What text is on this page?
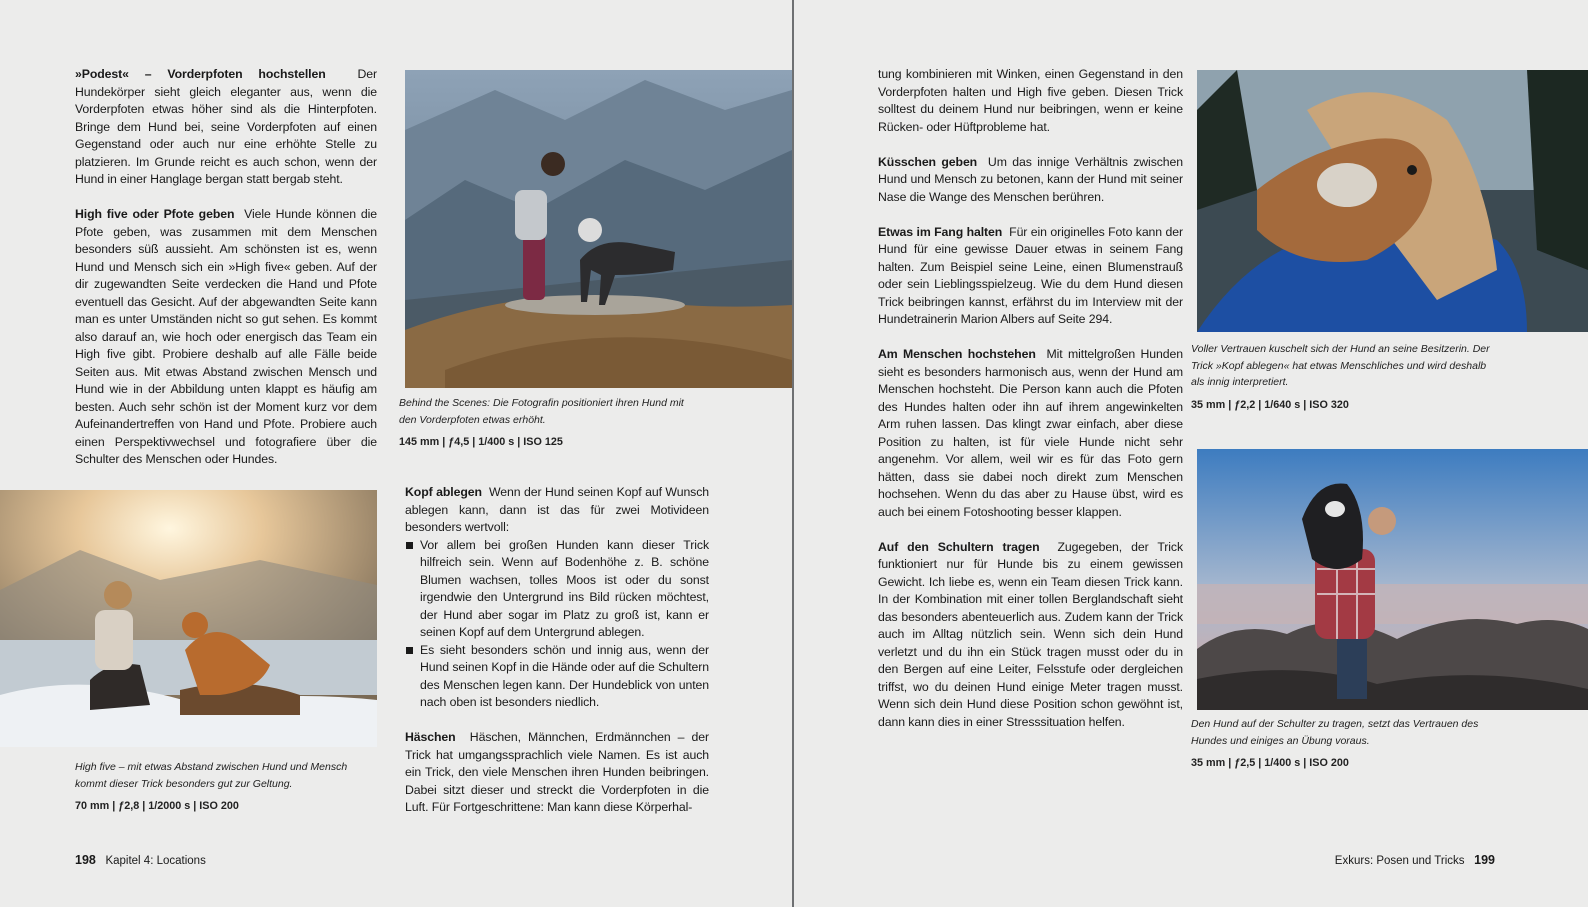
»Podest« – Vorderpfoten hochstellen	Der Hundekörper sieht gleich eleganter aus, wenn die Vorderpfoten etwas höher sind als die Hinterpfoten. Bringe dem Hund bei, seine Vorderpfoten auf einen Gegenstand oder auch nur eine erhöhte Stelle zu platzieren. Im Grunde reicht es auch schon, wenn der Hund in einer Hanglage bergan statt bergab steht.

High five oder Pfote geben Viele Hunde können die Pfote geben, was zusammen mit dem Menschen besonders süß aussieht. Am schönsten ist es, wenn Hund und Mensch sich ein »High five« geben. Auf der dir zugewandten Seite verdecken die Hand und Pfote eventuell das Gesicht. Auf der abgewandten Seite kann man es unter Umständen nicht so gut sehen. Es kommt also darauf an, wie hoch oder energisch das Team ein High five gibt. Probiere deshalb auf alle Fälle beide Seiten aus. Mit etwas Abstand zwischen Mensch und Hund wie in der Abbildung unten klappt es häufig am besten. Auch sehr schön ist der Moment kurz vor dem Aufeinandertreffen von Hand und Pfote. Probiere auch einen Perspektivwechsel und fotografiere über die Schulter des Menschen oder Hundes.

Behind the Scenes: Die Fotografin positioniert ihren Hund mit den Vorderpfoten etwas erhöht.
145 mm | ƒ4,5 | 1/400 s | ISO 125
High five – mit etwas Abstand zwischen Hund und Mensch kommt dieser Trick besonders gut zur Geltung.
70 mm | ƒ2,8 | 1/2000 s | ISO 200

Kopf ablegen Wenn der Hund seinen Kopf auf Wunsch ablegen kann, dann ist das für zwei Motivideen besonders wertvoll:

Vor allem bei großen Hunden kann dieser Trick hilfreich sein. Wenn auf Bodenhöhe z. B. schöne Blumen wachsen, tolles Moos ist oder du sonst irgendwie den Untergrund ins Bild rücken möchtest, der Hund aber sogar im Platz zu groß ist, kann er seinen Kopf auf dem Untergrund ablegen.
Es sieht besonders schön und innig aus, wenn der Hund seinen Kopf in die Hände oder auf die Schultern des Menschen legen kann. Der Hundeblick von unten nach oben ist besonders niedlich.

Häschen Häschen, Männchen, Erdmännchen – der Trick hat umgangssprachlich viele Namen. Es ist auch ein Trick, den viele Menschen ihren Hunden beibringen. Dabei sitzt dieser und streckt die Vorderpfoten in die Luft. Für Fortgeschrittene: Man kann diese Körperhal-

198 Kapitel 4: Locations

tung kombinieren mit Winken, einen Gegenstand in den Vorderpfoten halten und High five geben. Diesen Trick solltest du deinem Hund nur beibringen, wenn er keine Rücken- oder Hüftprobleme hat.

Küsschen geben Um das innige Verhältnis zwischen Hund und Mensch zu betonen, kann der Hund mit seiner Nase die Wange des Menschen berühren.

Etwas im Fang halten Für ein originelles Foto kann der Hund für eine gewisse Dauer etwas in seinem Fang halten. Zum Beispiel seine Leine, einen Blumenstrauß oder sein Lieblingsspielzeug. Wie du dem Hund diesen Trick beibringen kannst, erfährst du im Interview mit der Hundetrainerin Marion Albers auf Seite 294.

Am Menschen hochstehen Mit mittelgroßen Hunden sieht es besonders harmonisch aus, wenn der Hund am Menschen hochsteht. Die Person kann auch die Pfoten des Hundes halten oder ihn auf ihrem angewinkelten Arm ruhen lassen. Das klingt zwar einfach, aber diese Position zu halten, ist für viele Hunde nicht sehr angenehm. Vor allem, weil wir es für das Foto gern hätten, dass sie dabei noch direkt zum Menschen hochsehen. Wenn du das aber zu Hause übst, wird es auch bei einem Fotoshooting besser klappen.

Auf den Schultern tragen Zugegeben, der Trick funktioniert nur für Hunde bis zu einem gewissen Gewicht. Ich liebe es, wenn ein Team diesen Trick kann. In der Kombination mit einer tollen Berglandschaft sieht das besonders abenteuerlich aus. Zudem kann der Trick auch im Alltag nützlich sein. Wenn sich dein Hund verletzt und du ihn ein Stück tragen musst oder du in den Bergen auf eine Leiter, Felsstufe oder dergleichen triffst, wo du deinen Hund einige Meter tragen musst. Wenn sich dein Hund diese Position schon gewöhnt ist, dann kann dies in einer Stresssituation helfen.

Voller Vertrauen kuschelt sich der Hund an seine Besitzerin. Der Trick »Kopf ablegen« hat etwas Menschliches und wird deshalb als innig interpretiert.
35 mm | ƒ2,2 | 1/640 s | ISO 320
Den Hund auf der Schulter zu tragen, setzt das Vertrauen des Hundes und einiges an Übung voraus.
35 mm | ƒ2,5 | 1/400 s | ISO 200
Exkurs: Posen und Tricks 199
